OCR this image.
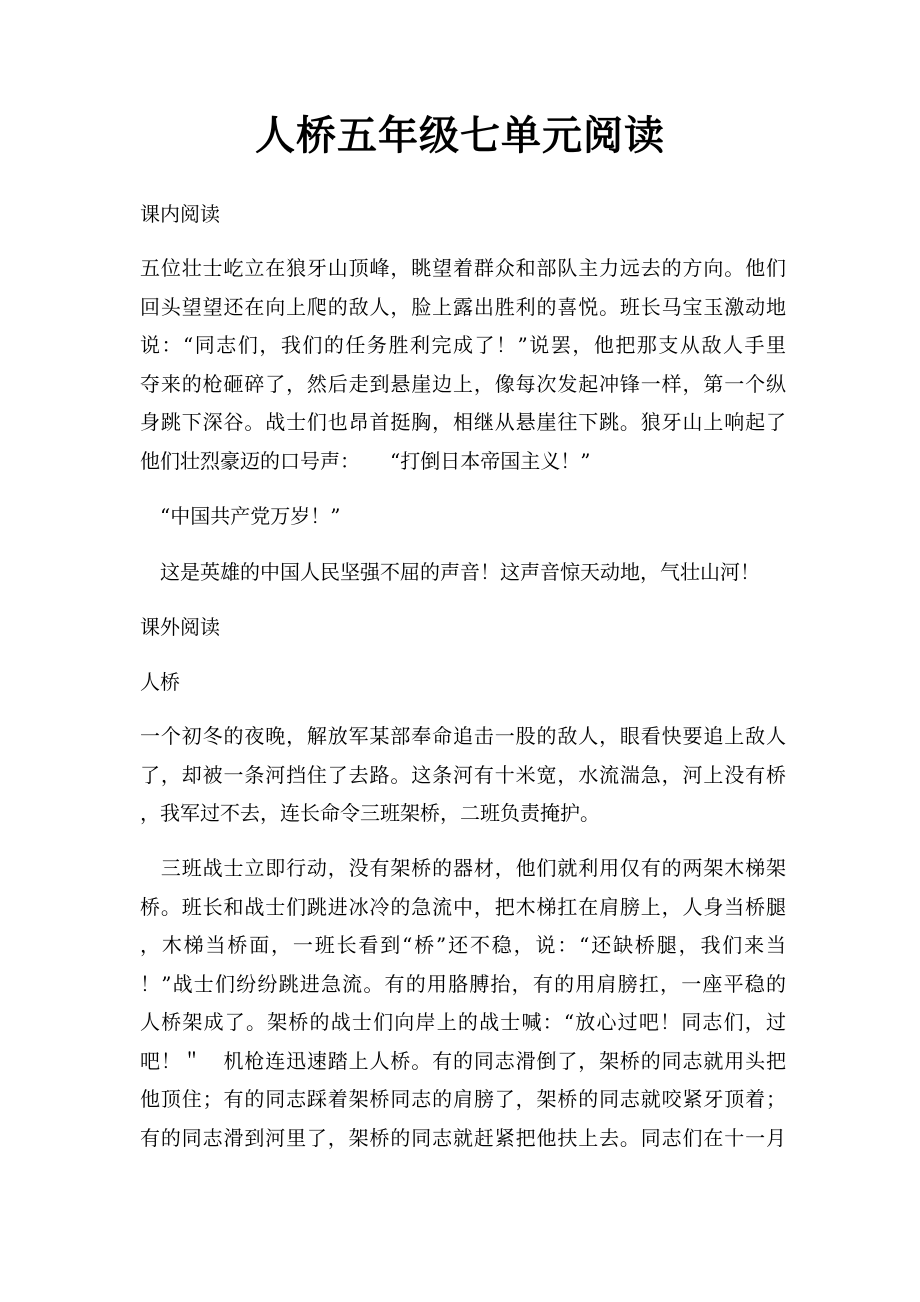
人桥五年级七单元阅读
课内阅读
五位壮士屹立在狼牙山顶峰，眺望着群众和部队主力远去的方向。他们
回头望望还在向上爬的敌人，脸上露出胜利的喜悦。班长马宝玉激动地
说：“同志们，我们的任务胜利完成了！”说罢，他把那支从敌人手里
夺来的枪砸碎了，然后走到悬崖边上，像每次发起冲锋一样，第一个纵
身跳下深谷。战士们也昂首挺胸，相继从悬崖往下跳。狼牙山上响起了
他们壮烈豪迈的口号声：　　“打倒日本帝国主义！”
“中国共产党万岁！”
这是英雄的中国人民坚强不屈的声音！这声音惊天动地，气壮山河！
课外阅读
人桥
一个初冬的夜晚，解放军某部奉命追击一股的敌人，眼看快要追上敌人
了，却被一条河挡住了去路。这条河有十米宽，水流湍急，河上没有桥
，我军过不去，连长命令三班架桥，二班负责掩护。
　三班战士立即行动，没有架桥的器材，他们就利用仅有的两架木梯架
桥。班长和战士们跳进冰冷的急流中，把木梯扛在肩膀上，人身当桥腿
，木梯当桥面，一班长看到“桥”还不稳，说：“还缺桥腿，我们来当
！”战士们纷纷跳进急流。有的用胳膊抬，有的用肩膀扛，一座平稳的
人桥架成了。架桥的战士们向岸上的战士喊：“放心过吧！同志们，过
吧！＂　机枪连迅速踏上人桥。有的同志滑倒了，架桥的同志就用头把
他顶住；有的同志踩着架桥同志的肩膀了，架桥的同志就咬紧牙顶着；
有的同志滑到河里了，架桥的同志就赶紧把他扶上去。同志们在十一月
